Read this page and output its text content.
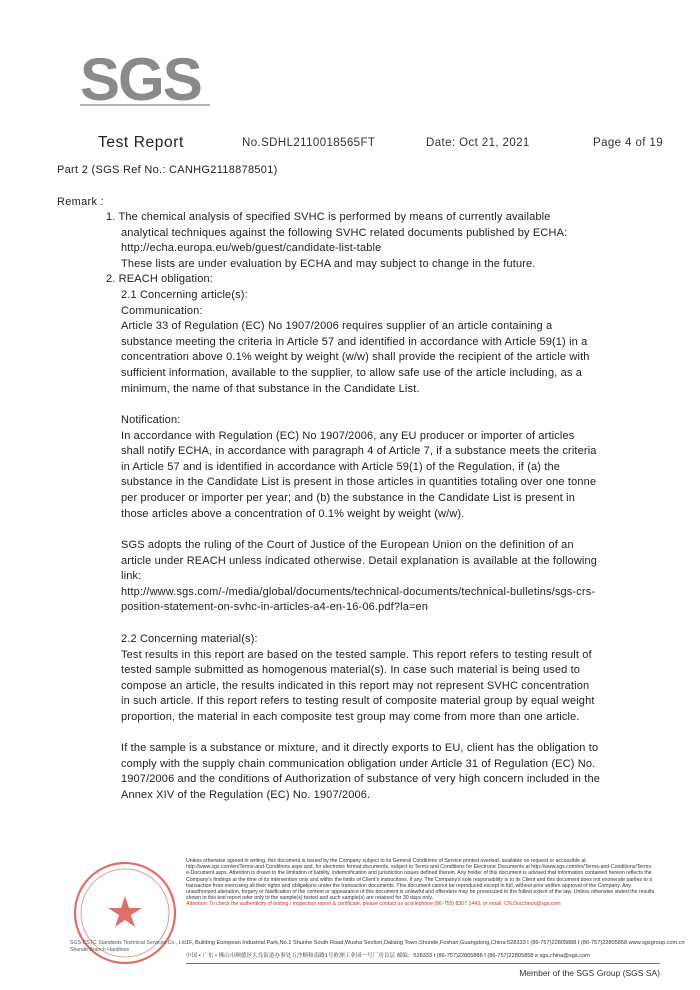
SGS
Test Report	No.SDHL2110018565FT	Date: Oct 21, 2021	Page 4 of 19
Part 2 (SGS Ref No.: CANHG2118878501)
Remark :
1. The chemical analysis of specified SVHC is performed by means of currently available
analytical techniques against the following SVHC related documents published by ECHA:
http://echa.europa.eu/web/guest/candidate-list-table
These lists are under evaluation by ECHA and may subject to change in the future.
2. REACH obligation:
2.1 Concerning article(s):
Communication:
Article 33 of Regulation (EC) No 1907/2006 requires supplier of an article containing a
substance meeting the criteria in Article 57 and identified in accordance with Article 59(1) in a
concentration above 0.1% weight by weight (w/w) shall provide the recipient of the article with
sufficient information, available to the supplier, to allow safe use of the article including, as a
minimum, the name of that substance in the Candidate List.
Notification:
In accordance with Regulation (EC) No 1907/2006, any EU producer or importer of articles
shall notify ECHA, in accordance with paragraph 4 of Article 7, if a substance meets the criteria
in Article 57 and is identified in accordance with Article 59(1) of the Regulation, if (a) the
substance in the Candidate List is present in those articles in quantities totaling over one tonne
per producer or importer per year; and (b) the substance in the Candidate List is present in
those articles above a concentration of 0.1% weight by weight (w/w).
SGS adopts the ruling of the Court of Justice of the European Union on the definition of an
article under REACH unless indicated otherwise. Detail explanation is available at the following
link:
http://www.sgs.com/-/media/global/documents/technical-documents/technical-bulletins/sgs-crs-
position-statement-on-svhc-in-articles-a4-en-16-06.pdf?la=en
2.2 Concerning material(s):
Test results in this report are based on the tested sample. This report refers to testing result of
tested sample submitted as homogenous material(s). In case such material is being used to
compose an article, the results indicated in this report may not represent SVHC concentration
in such article. If this report refers to testing result of composite material group by equal weight
proportion, the material in each composite test group may come from more than one article.
If the sample is a substance or mixture, and it directly exports to EU, client has the obligation to
comply with the supply chain communication obligation under Article 31 of Regulation (EC) No.
1907/2006 and the conditions of Authorization of substance of very high concern included in the
Annex XIV of the Regulation (EC) No. 1907/2006.
SGS-CSTC Standards Technical Services Co., Ltd.
Shunde Branch Hardlines
Unless otherwise agreed in writing, this document is issued by the Company subject to its General Conditions of Service printed overleaf, available on request or accessible at http://www.sgs.com/en/Terms-and-Conditions.aspx and, for electronic format documents, subject to Terms and Conditions for Electronic Documents at http://www.sgs.com/en/Terms-and-Conditions/Terms-e-Document.aspx. Attention is drawn to the limitation of liability, indemnification and jurisdiction issues defined therein. Any holder of this document is advised that information contained hereon reflects the Company's findings at the time of its intervention only and within the limits of Client's instructions, if any. The Company's sole responsibility is to its Client and this document does not exonerate parties to a transaction from exercising all their rights and obligations under the transaction documents. This document cannot be reproduced except in full, without prior written approval of the Company. Any unauthorized alteration, forgery or falsification of the content or appearance of this document is unlawful and offenders may be prosecuted to the fullest extent of the law. Unless otherwise stated the results shown in this test report refer only to the sample(s) tested and such sample(s) are retained for 30 days only.
Attention: To check the authenticity of testing / inspection report & certificate, please contact us at telephone:(86-755) 8307 1443, or email: CN.Doccheck@sgs.com
1F, Building European Industrial Park,No.1 Shunhe South Road,Wusha Section,Daliang Town,Shunde,Foshan,Guangdong,China 528333 t (86-757)22805888 f (86-757)22805858 www.sgsgroup.com.cn
中国 • 广东 • 佛山市顺德区大良街道办事处五沙顺和南路1号欧洲工业园一号厂房首层 邮编：528333 t (86-757)22805888 f (86-757)22805858 e sgs.china@sgs.com
Member of the SGS Group (SGS SA)
